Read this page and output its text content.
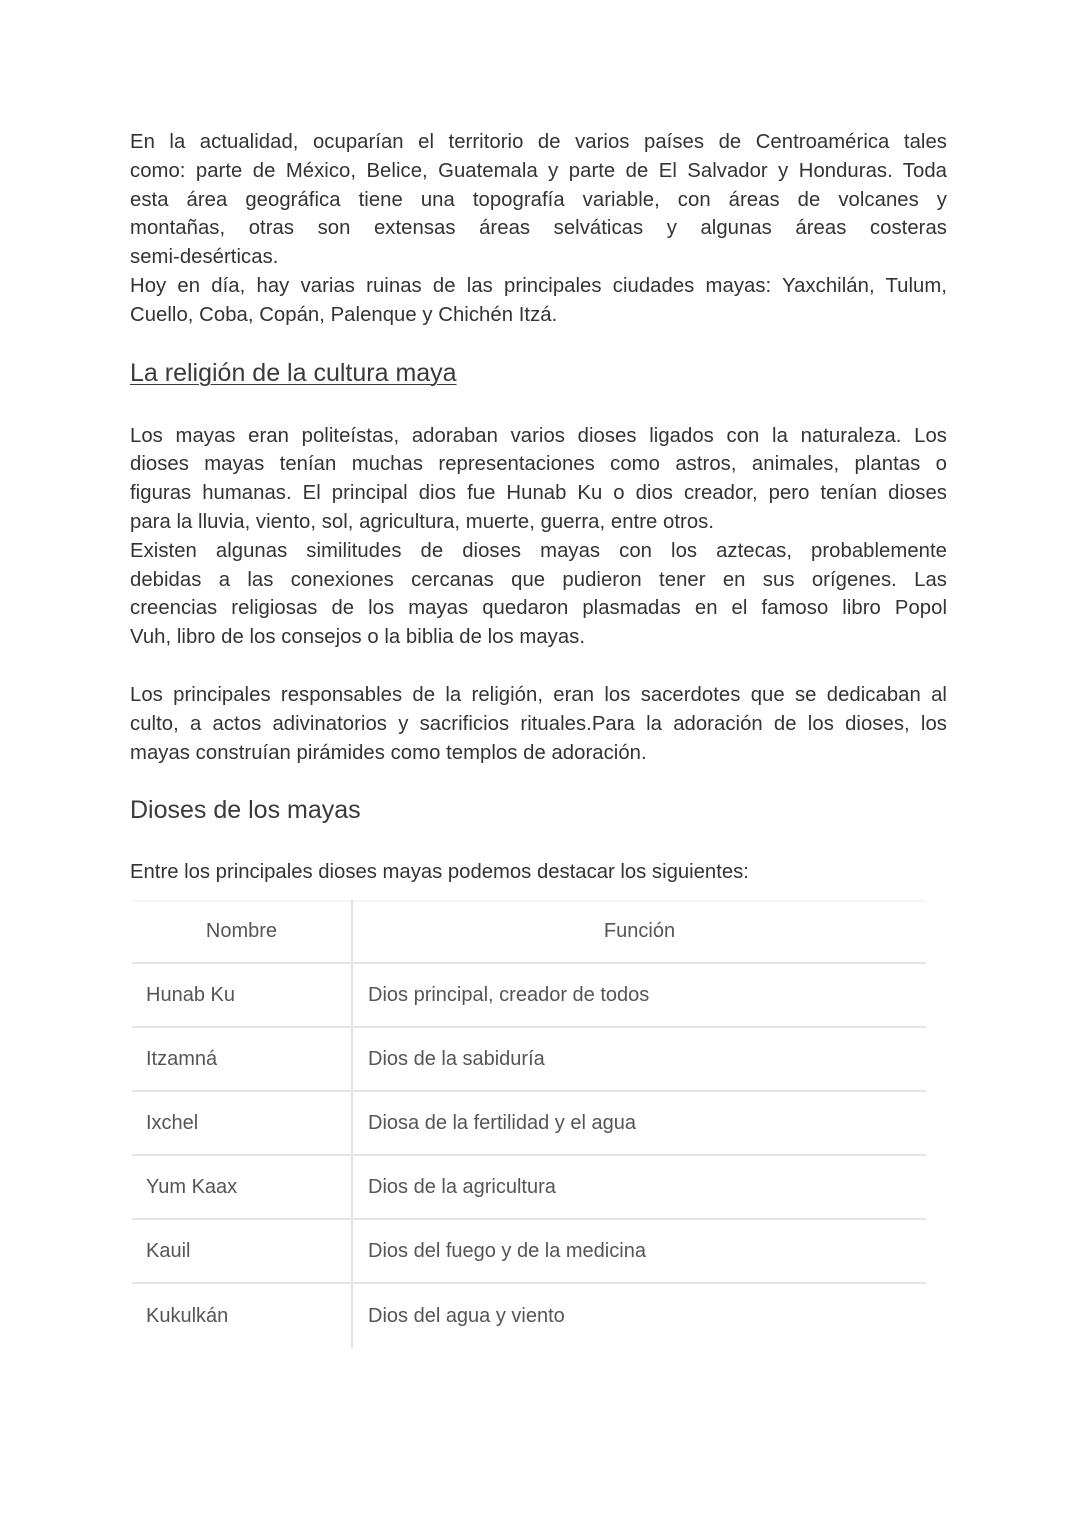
En la actualidad, ocuparían el territorio de varios países de Centroamérica tales
como: parte de México, Belice, Guatemala y parte de El Salvador y Honduras. Toda
esta área geográfica tiene una topografía variable, con áreas de volcanes y
montañas, otras son extensas áreas selváticas y algunas áreas costeras
semi-desérticas.
Hoy en día, hay varias ruinas de las principales ciudades mayas: Yaxchilán, Tulum,
Cuello, Coba, Copán, Palenque y Chichén Itzá.

La religión de la cultura maya

Los mayas eran politeístas, adoraban varios dioses ligados con la naturaleza. Los
dioses mayas tenían muchas representaciones como astros, animales, plantas o
figuras humanas. El principal dios fue Hunab Ku o dios creador, pero tenían dioses
para la lluvia, viento, sol, agricultura, muerte, guerra, entre otros.
Existen algunas similitudes de dioses mayas con los aztecas, probablemente
debidas a las conexiones cercanas que pudieron tener en sus orígenes. Las
creencias religiosas de los mayas quedaron plasmadas en el famoso libro Popol
Vuh, libro de los consejos o la biblia de los mayas.

Los principales responsables de la religión, eran los sacerdotes que se dedicaban al
culto, a actos adivinatorios y sacrificios rituales.Para la adoración de los dioses, los
mayas construían pirámides como templos de adoración.

Dioses de los mayas

Entre los principales dioses mayas podemos destacar los siguientes:

Nombre	Función
Hunab Ku	Dios principal, creador de todos
Itzamná	Dios de la sabiduría
Ixchel	Diosa de la fertilidad y el agua
Yum Kaax	Dios de la agricultura
Kauil	Dios del fuego y de la medicina
Kukulkán	Dios del agua y viento
